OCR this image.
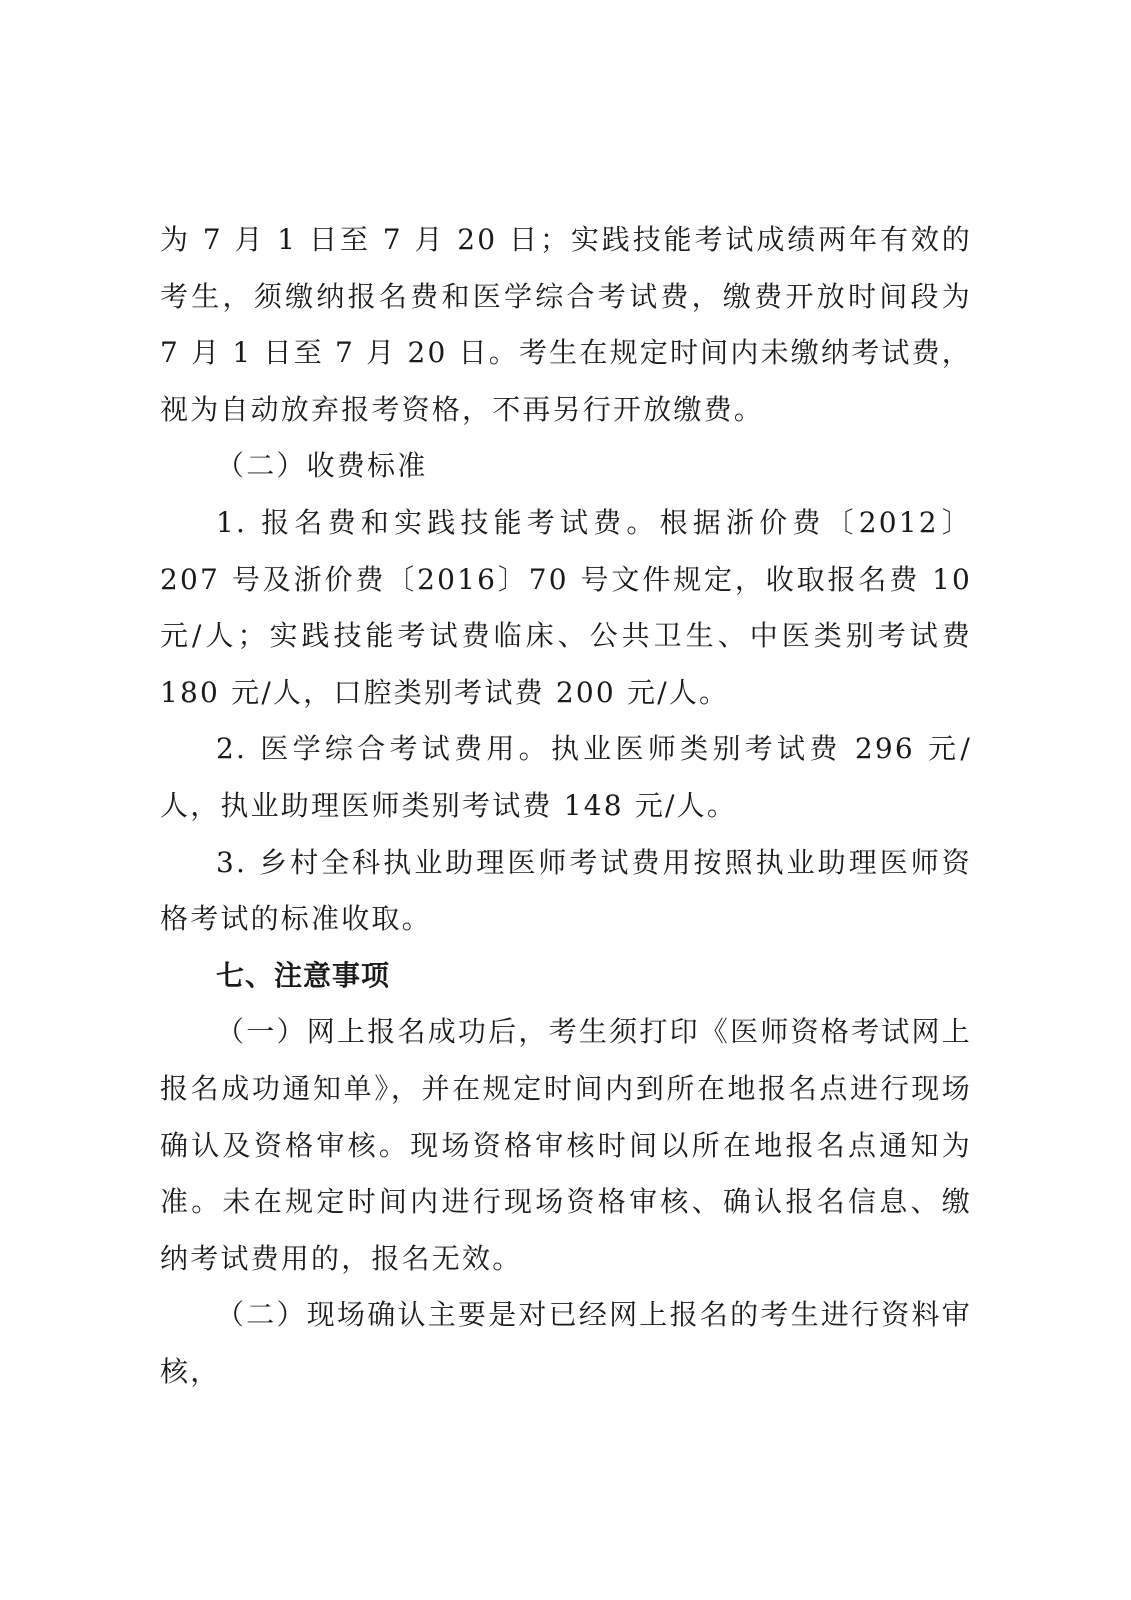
为 7 月 1 日至 7 月 20 日；实践技能考试成绩两年有效的考生，须缴纳报名费和医学综合考试费，缴费开放时间段为 7 月 1 日至 7 月 20 日。考生在规定时间内未缴纳考试费，视为自动放弃报考资格，不再另行开放缴费。

（二）收费标准

1. 报名费和实践技能考试费。根据浙价费〔2012〕207 号及浙价费〔2016〕70 号文件规定，收取报名费 10 元/人；实践技能考试费临床、公共卫生、中医类别考试费 180 元/人，口腔类别考试费 200 元/人。

2. 医学综合考试费用。执业医师类别考试费 296 元/人，执业助理医师类别考试费 148 元/人。

3. 乡村全科执业助理医师考试费用按照执业助理医师资格考试的标准收取。

七、注意事项

（一）网上报名成功后，考生须打印《医师资格考试网上报名成功通知单》，并在规定时间内到所在地报名点进行现场确认及资格审核。现场资格审核时间以所在地报名点通知为准。未在规定时间内进行现场资格审核、确认报名信息、缴纳考试费用的，报名无效。

（二）现场确认主要是对已经网上报名的考生进行资料审核，
